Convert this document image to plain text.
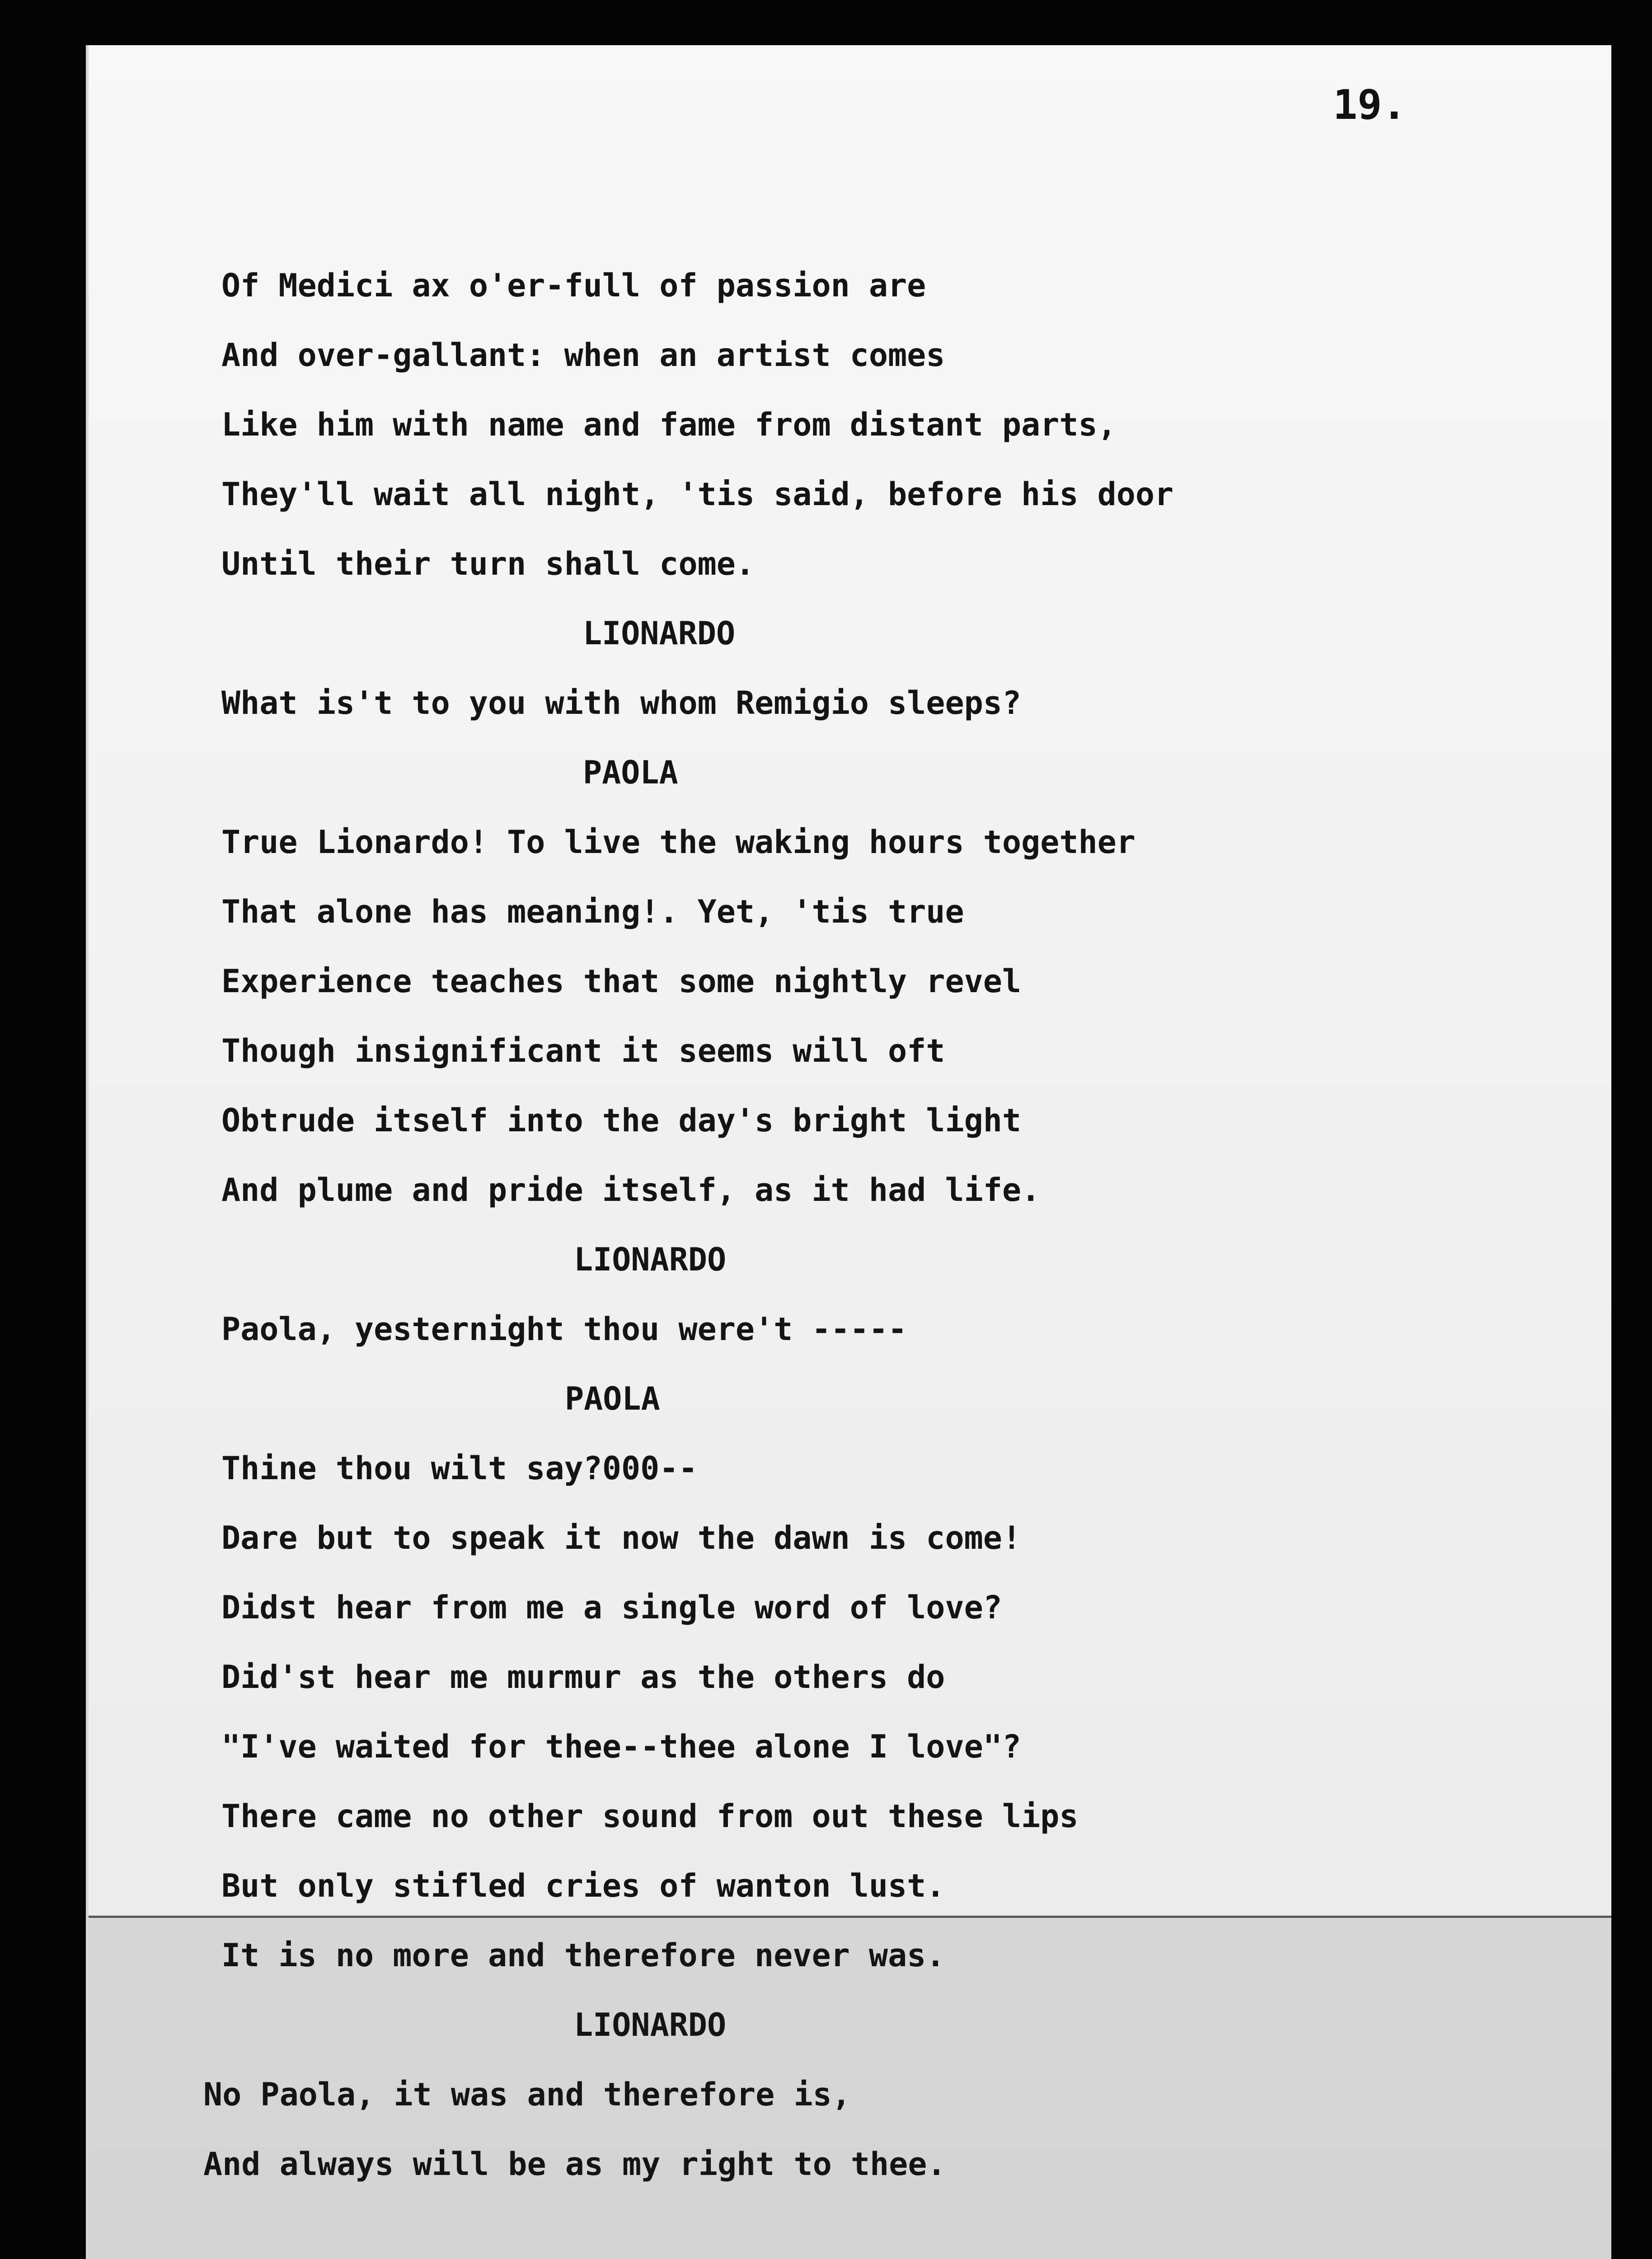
19.
Of Medici ax o'er-full of passion are
And over-gallant: when an artist comes
Like him with name and fame from distant parts,
They'll wait all night, 'tis said, before his door
Until their turn shall come.
LIONARDO
What is't to you with whom Remigio sleeps?
PAOLA
True Lionardo! To live the waking hours together
That alone has meaning!. Yet, 'tis true
Experience teaches that some nightly revel
Though insignificant it seems will oft
Obtrude itself into the day's bright light
And plume and pride itself, as it had life.
LIONARDO
Paola, yesternight thou were't -----
PAOLA
Thine thou wilt say?000--
Dare but to speak it now the dawn is come!
Didst hear from me a single word of love?
Did'st hear me murmur as the others do
"I've waited for thee--thee alone I love"?
There came no other sound from out these lips
But only stifled cries of wanton lust.
It is no more and therefore never was.
LIONARDO
No Paola, it was and therefore is,
And always will be as my right to thee.
